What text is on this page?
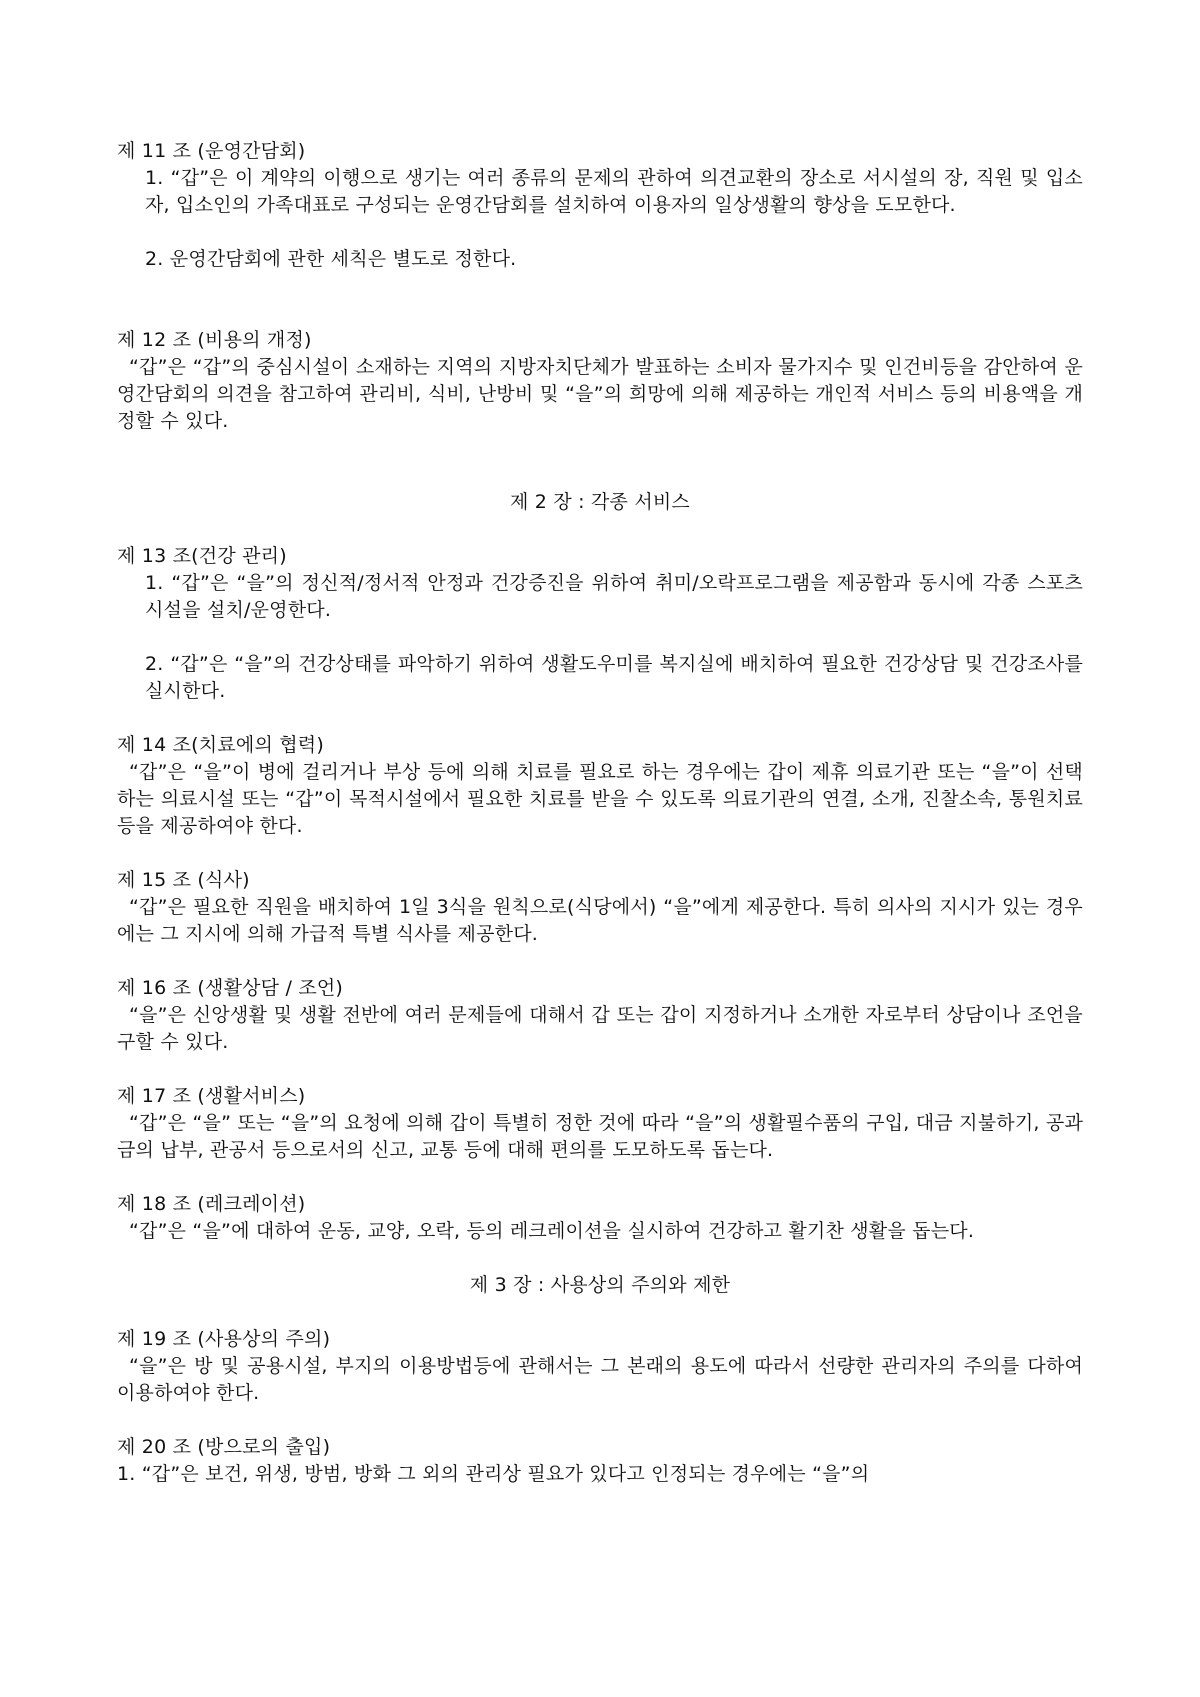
제 11 조 (운영간담회)

1. “갑”은 이 계약의 이행으로 생기는 여러 종류의 문제의 관하여 의견교환의 장소로 서시설의 장, 직원 및 입소자, 입소인의 가족대표로 구성되는 운영간담회를 설치하여 이용자의 일상생활의 향상을 도모한다.

2. 운영간담회에 관한 세칙은 별도로 정한다.

제 12 조 (비용의 개정)

“갑”은 “갑”의 중심시설이 소재하는 지역의 지방자치단체가 발표하는 소비자 물가지수 및 인건비등을 감안하여 운영간담회의 의견을 참고하여 관리비, 식비, 난방비 및 “을”의 희망에 의해 제공하는 개인적 서비스 등의 비용액을 개정할 수 있다.

제 2 장 : 각종 서비스

제 13 조(건강 관리)

1. “갑”은 “을”의 정신적/정서적 안정과 건강증진을 위하여 취미/오락프로그램을 제공함과 동시에 각종 스포츠 시설을 설치/운영한다.

2. “갑”은 “을”의 건강상태를 파악하기 위하여 생활도우미를 복지실에 배치하여 필요한 건강상담 및 건강조사를 실시한다.

제 14 조(치료에의 협력)

“갑”은 “을”이 병에 걸리거나 부상 등에 의해 치료를 필요로 하는 경우에는 갑이 제휴 의료기관 또는 “을”이 선택하는 의료시설 또는 “갑”이 목적시설에서 필요한 치료를 받을 수 있도록 의료기관의 연결, 소개, 진찰소속, 통원치료 등을 제공하여야 한다.

제 15 조 (식사)

“갑”은 필요한 직원을 배치하여 1일 3식을 원칙으로(식당에서) “을”에게 제공한다. 특히 의사의 지시가 있는 경우에는 그 지시에 의해 가급적 특별 식사를 제공한다.

제 16 조 (생활상담 / 조언)

“을”은 신앙생활 및 생활 전반에 여러 문제들에 대해서 갑 또는 갑이 지정하거나 소개한 자로부터 상담이나 조언을 구할 수 있다.

제 17 조 (생활서비스)

“갑”은 “을” 또는 “을”의 요청에 의해 갑이 특별히 정한 것에 따라 “을”의 생활필수품의 구입, 대금 지불하기, 공과금의 납부, 관공서 등으로서의 신고, 교통 등에 대해 편의를 도모하도록 돕는다.

제 18 조 (레크레이션)

“갑”은 “을”에 대하여 운동, 교양, 오락, 등의 레크레이션을 실시하여 건강하고 활기찬 생활을 돕는다.

제 3 장 : 사용상의 주의와 제한

제 19 조 (사용상의 주의)

“을”은 방 및 공용시설, 부지의 이용방법등에 관해서는 그 본래의 용도에 따라서 선량한 관리자의 주의를 다하여 이용하여야 한다.

제 20 조 (방으로의 출입)

1. “갑”은 보건, 위생, 방범, 방화 그 외의 관리상 필요가 있다고 인정되는 경우에는 “을”의
